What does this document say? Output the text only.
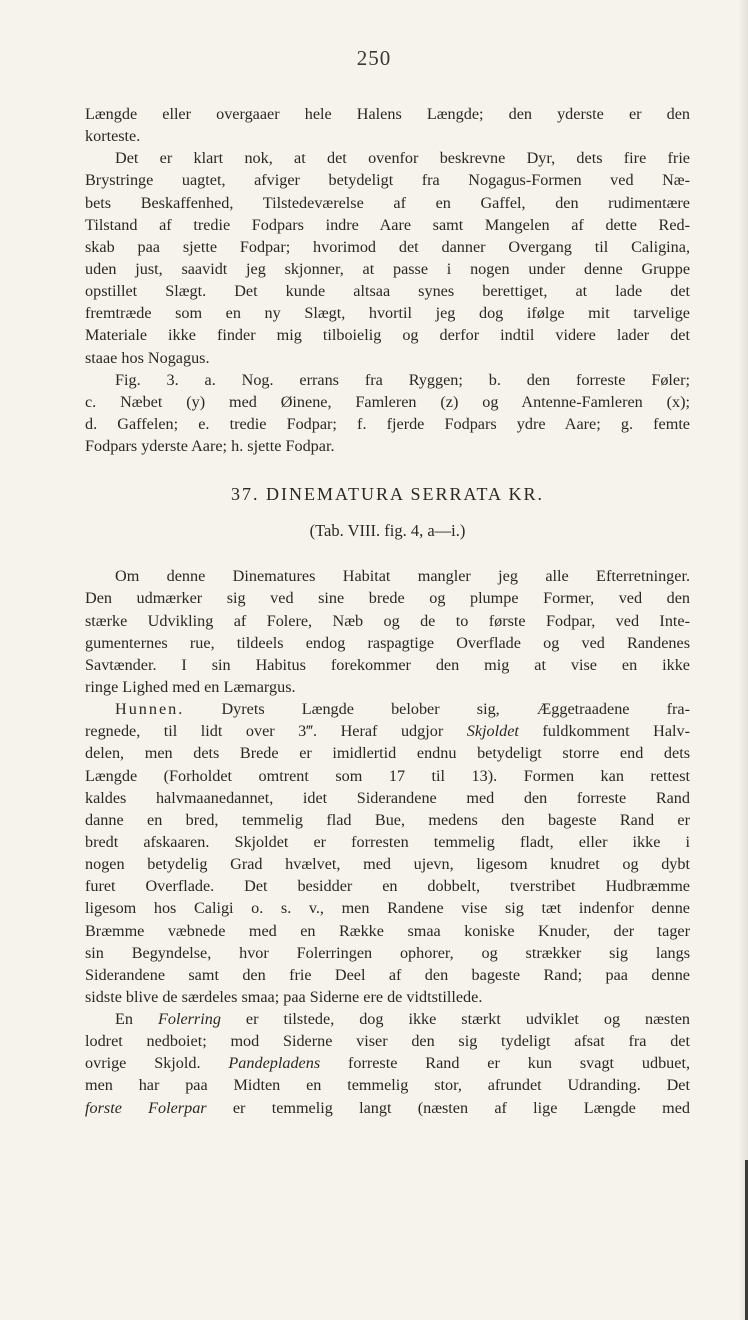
250
Længde eller overgaaer hele Halens Længde; den yderste er den
korteste.
Det er klart nok, at det ovenfor beskrevne Dyr, dets fire frie
Brystringe uagtet, afviger betydeligt fra Nogagus-Formen ved Næ-
bets Beskaffenhed, Tilstedeværelse af en Gaffel, den rudimentære
Tilstand af tredie Fodpars indre Aare samt Mangelen af dette Red-
skab paa sjette Fodpar; hvorimod det danner Overgang til Caligina,
uden just, saavidt jeg skjonner, at passe i nogen under denne Gruppe
opstillet Slægt. Det kunde altsaa synes berettiget, at lade det
fremtræde som en ny Slægt, hvortil jeg dog ifølge mit tarvelige
Materiale ikke finder mig tilboielig og derfor indtil videre lader det
staae hos Nogagus.
Fig. 3. a. Nog. errans fra Ryggen; b. den forreste Føler;
c. Næbet (y) med Øinene, Famleren (z) og Antenne-Famleren (x);
d. Gaffelen; e. tredie Fodpar; f. fjerde Fodpars ydre Aare; g. femte
Fodpars yderste Aare; h. sjette Fodpar.
37. DINEMATURA SERRATA KR.
(Tab. VIII. fig. 4, a—i.)
Om denne Dinematures Habitat mangler jeg alle Efterretninger.
Den udmærker sig ved sine brede og plumpe Former, ved den
stærke Udvikling af Folere, Næb og de to første Fodpar, ved Inte-
gumenternes rue, tildeels endog raspagtige Overflade og ved Randenes
Savtænder. I sin Habitus forekommer den mig at vise en ikke
ringe Lighed med en Læmargus.
Hunnen. Dyrets Længde belober sig, Æggetraadene fra-
regnede, til lidt over 3‴. Heraf udgjor Skjoldet fuldkomment Halv-
delen, men dets Brede er imidlertid endnu betydeligt storre end dets
Længde (Forholdet omtrent som 17 til 13). Formen kan rettest
kaldes halvmaanedannet, idet Siderandene med den forreste Rand
danne en bred, temmelig flad Bue, medens den bageste Rand er
bredt afskaaren. Skjoldet er forresten temmelig fladt, eller ikke i
nogen betydelig Grad hvælvet, med ujevn, ligesom knudret og dybt
furet Overflade. Det besidder en dobbelt, tverstribet Hudbræmme
ligesom hos Caligi o. s. v., men Randene vise sig tæt indenfor denne
Bræmme væbnede med en Række smaa koniske Knuder, der tager
sin Begyndelse, hvor Folerringen ophorer, og strækker sig langs
Siderandene samt den frie Deel af den bageste Rand; paa denne
sidste blive de særdeles smaa; paa Siderne ere de vidtstillede.
En Folerring er tilstede, dog ikke stærkt udviklet og næsten
lodret nedboiet; mod Siderne viser den sig tydeligt afsat fra det
ovrige Skjold. Pandepladens forreste Rand er kun svagt udbuet,
men har paa Midten en temmelig stor, afrundet Udranding. Det
forste Folerpar er temmelig langt (næsten af lige Længde med
